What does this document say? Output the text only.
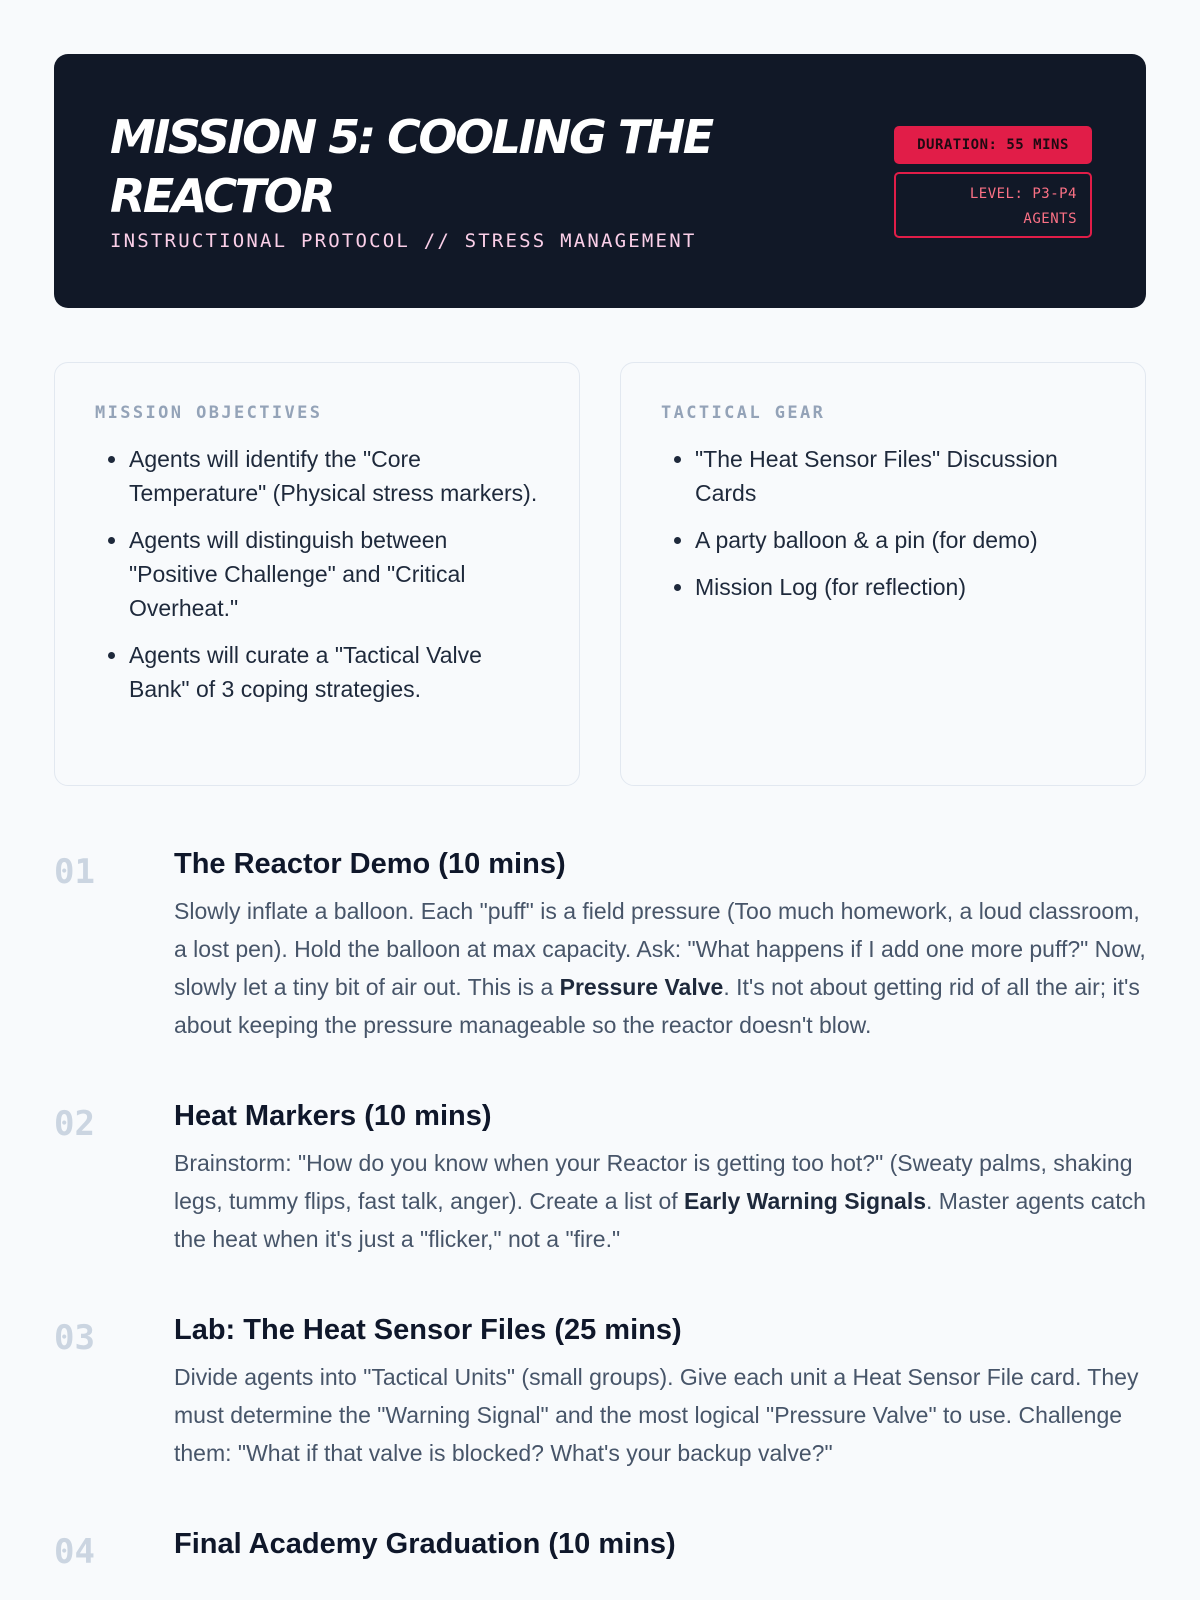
MISSION 5: COOLING THE REACTOR
INSTRUCTIONAL PROTOCOL // STRESS MANAGEMENT
DURATION: 55 MINS
LEVEL: P3-P4
AGENTS
MISSION OBJECTIVES
• Agents will identify the "Core Temperature" (Physical stress markers).
• Agents will distinguish between "Positive Challenge" and "Critical Overheat."
• Agents will curate a "Tactical Valve Bank" of 3 coping strategies.
TACTICAL GEAR
• "The Heat Sensor Files" Discussion Cards
• A party balloon & a pin (for demo)
• Mission Log (for reflection)
01	The Reactor Demo (10 mins)

Slowly inflate a balloon. Each "puff" is a field pressure (Too much homework, a loud classroom, a lost pen). Hold the balloon at max capacity. Ask: "What happens if I add one more puff?" Now, slowly let a tiny bit of air out. This is a Pressure Valve. It's not about getting rid of all the air; it's about keeping the pressure manageable so the reactor doesn't blow.

02	Heat Markers (10 mins)

Brainstorm: "How do you know when your Reactor is getting too hot?" (Sweaty palms, shaking legs, tummy flips, fast talk, anger). Create a list of Early Warning Signals. Master agents catch the heat when it's just a "flicker," not a "fire."

03	Lab: The Heat Sensor Files (25 mins)

Divide agents into "Tactical Units" (small groups). Give each unit a Heat Sensor File card. They must determine the "Warning Signal" and the most logical "Pressure Valve" to use. Challenge them: "What if that valve is blocked? What's your backup valve?"

04	Final Academy Graduation (10 mins)
